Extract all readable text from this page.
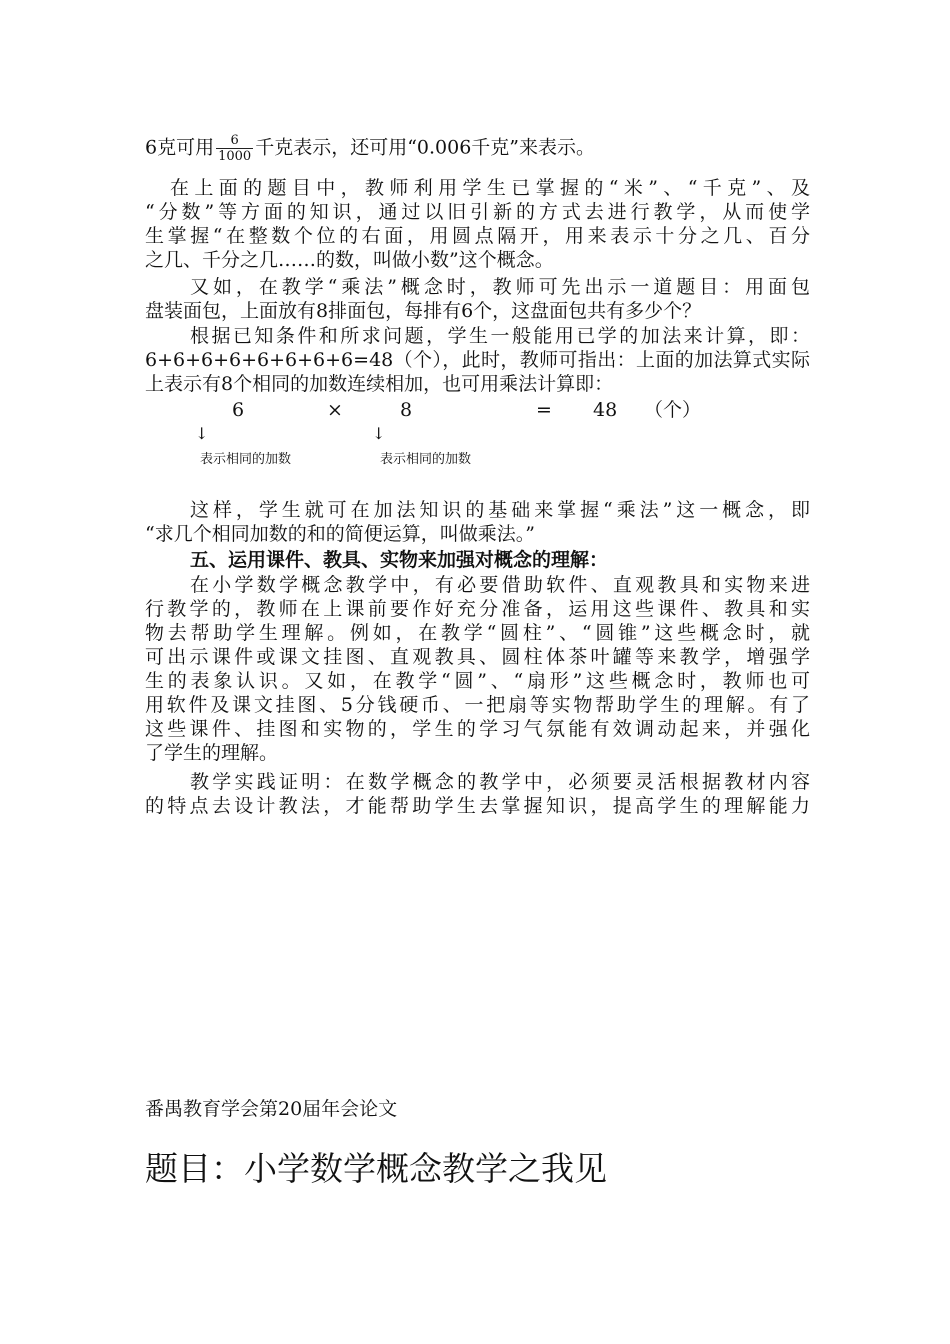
6克可用 $\frac{6}{1000}$ 千克表示，还可用“0.006千克”来表示。
在上面的题目中，教师利用学生已掌握的“米”、“千克”、及
“分数”等方面的知识，通过以旧引新的方式去进行教学，从而使学
生掌握“在整数个位的右面，用圆点隔开，用来表示十分之几、百分
之几、千分之几……的数，叫做小数”这个概念。
又如，在教学“乘法”概念时，教师可先出示一道题目：用面包
盘装面包，上面放有8排面包，每排有6个，这盘面包共有多少个？
根据已知条件和所求问题，学生一般能用已学的加法来计算，即：
6+6+6+6+6+6+6+6=48（个），此时，教师可指出：上面的加法算式实际
上表示有8个相同的加数连续相加，也可用乘法计算即：
6	×	8	= 48 （个）
↓	↓
表示相同的加数	表示相同的加数
这样，学生就可在加法知识的基础来掌握“乘法”这一概念，即
“求几个相同加数的和的简便运算，叫做乘法。”
五、运用课件、教具、实物来加强对概念的理解：
在小学数学概念教学中，有必要借助软件、直观教具和实物来进
行教学的，教师在上课前要作好充分准备，运用这些课件、教具和实
物去帮助学生理解。例如，在教学“圆柱”、“圆锥”这些概念时，就
可出示课件或课文挂图、直观教具、圆柱体茶叶罐等来教学，增强学
生的表象认识。又如，在教学“圆”、“扇形”这些概念时，教师也可
用软件及课文挂图、5分钱硬币、一把扇等实物帮助学生的理解。有了
这些课件、挂图和实物的，学生的学习气氛能有效调动起来，并强化
了学生的理解。
教学实践证明：在数学概念的教学中，必须要灵活根据教材内容
的特点去设计教法，才能帮助学生去掌握知识，提高学生的理解能力
番禺教育学会第20届年会论文
题目：小学数学概念教学之我见
